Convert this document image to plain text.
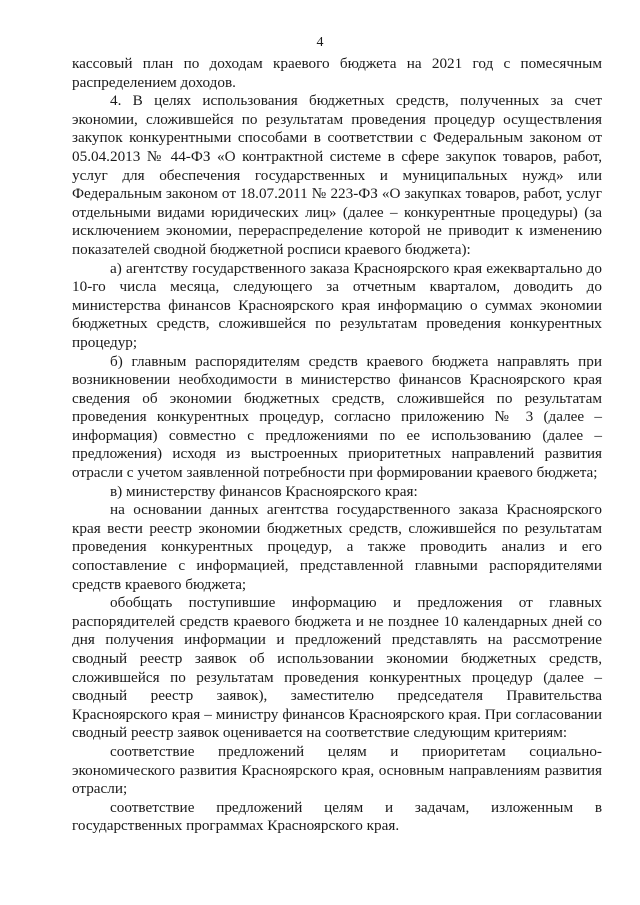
4

кассовый план по доходам краевого бюджета на 2021 год с помесячным распределением доходов.

4. В целях использования бюджетных средств, полученных за счет экономии, сложившейся по результатам проведения процедур осуществления закупок конкурентными способами в соответствии с Федеральным законом от 05.04.2013 № 44-ФЗ «О контрактной системе в сфере закупок товаров, работ, услуг для обеспечения государственных и муниципальных нужд» или Федеральным законом от 18.07.2011 № 223-ФЗ «О закупках товаров, работ, услуг отдельными видами юридических лиц» (далее – конкурентные процедуры) (за исключением экономии, перераспределение которой не приводит к изменению показателей сводной бюджетной росписи краевого бюджета):

а) агентству государственного заказа Красноярского края ежеквартально до 10-го числа месяца, следующего за отчетным кварталом, доводить до министерства финансов Красноярского края информацию о суммах экономии бюджетных средств, сложившейся по результатам проведения конкурентных процедур;

б) главным распорядителям средств краевого бюджета направлять при возникновении необходимости в министерство финансов Красноярского края сведения об экономии бюджетных средств, сложившейся по результатам проведения конкурентных процедур, согласно приложению № 3 (далее – информация) совместно с предложениями по ее использованию (далее – предложения) исходя из выстроенных приоритетных направлений развития отрасли с учетом заявленной потребности при формировании краевого бюджета;

в) министерству финансов Красноярского края:

на основании данных агентства государственного заказа Красноярского края вести реестр экономии бюджетных средств, сложившейся по результатам проведения конкурентных процедур, а также проводить анализ и его сопоставление с информацией, представленной главными распорядителями средств краевого бюджета;

обобщать поступившие информацию и предложения от главных распорядителей средств краевого бюджета и не позднее 10 календарных дней со дня получения информации и предложений представлять на рассмотрение сводный реестр заявок об использовании экономии бюджетных средств, сложившейся по результатам проведения конкурентных процедур (далее – сводный реестр заявок), заместителю председателя Правительства Красноярского края – министру финансов Красноярского края. При согласовании сводный реестр заявок оценивается на соответствие следующим критериям:

соответствие предложений целям и приоритетам социально-экономического развития Красноярского края, основным направлениям развития отрасли;

соответствие предложений целям и задачам, изложенным в государственных программах Красноярского края.
